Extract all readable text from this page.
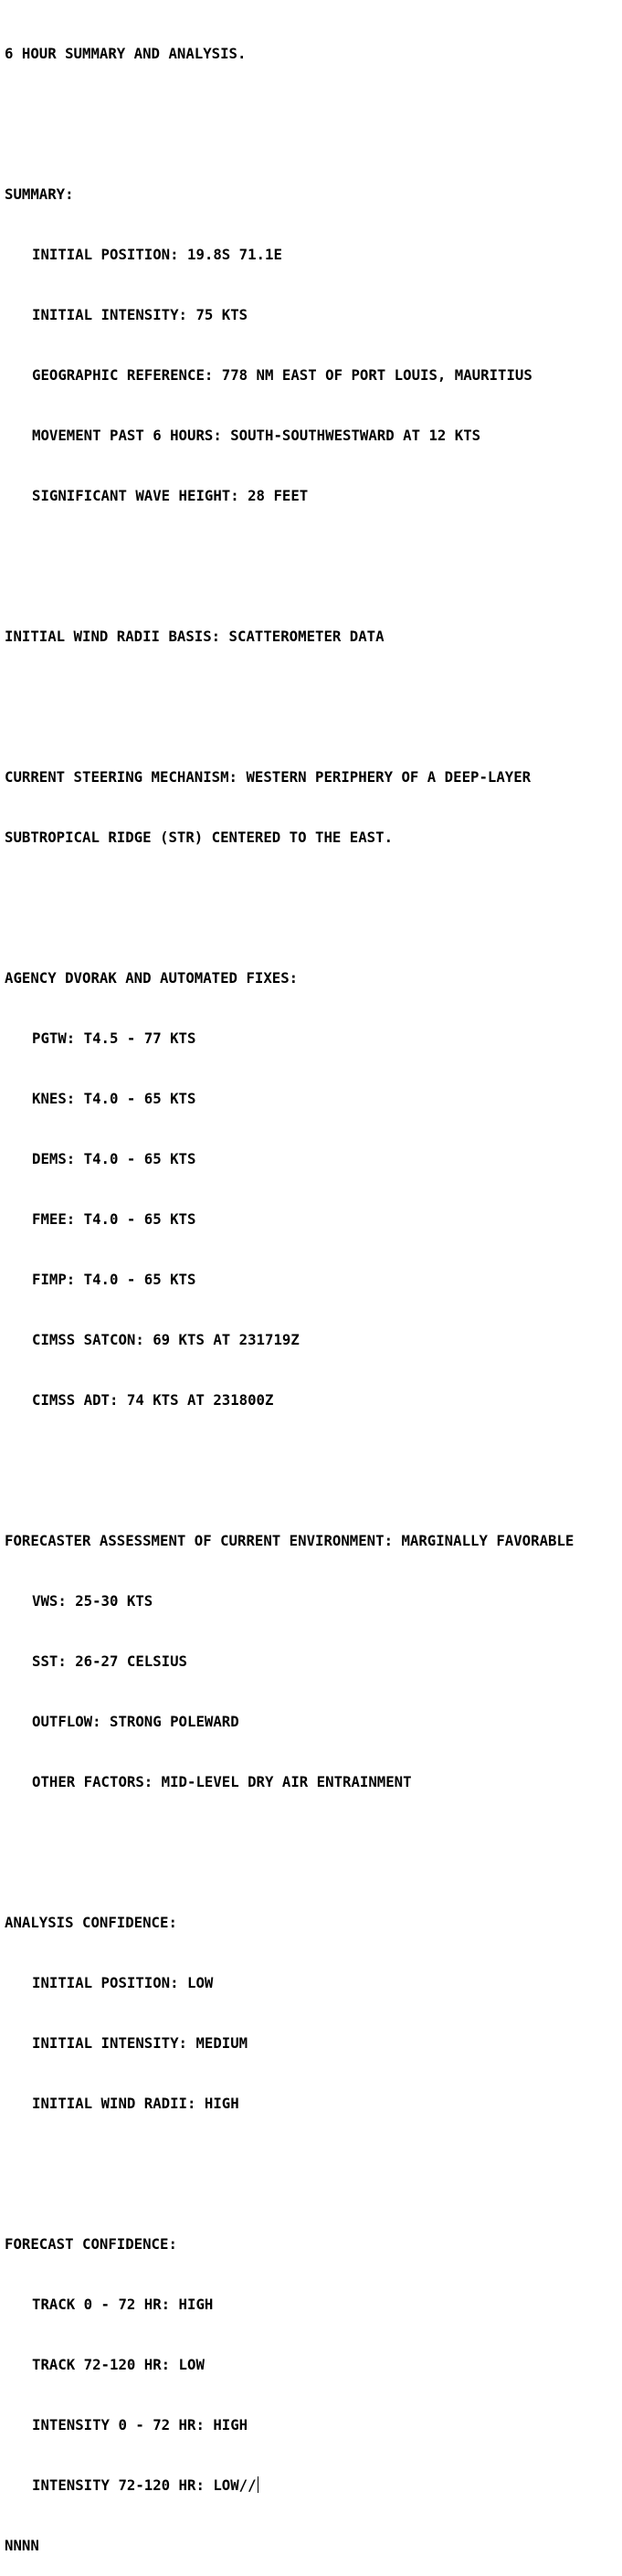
6 HOUR SUMMARY AND ANALYSIS.

SUMMARY:

INITIAL POSITION: 19.8S 71.1E

INITIAL INTENSITY: 75 KTS

GEOGRAPHIC REFERENCE: 778 NM EAST OF PORT LOUIS, MAURITIUS

MOVEMENT PAST 6 HOURS: SOUTH-SOUTHWESTWARD AT 12 KTS

SIGNIFICANT WAVE HEIGHT: 28 FEET

INITIAL WIND RADII BASIS: SCATTEROMETER DATA

CURRENT STEERING MECHANISM: WESTERN PERIPHERY OF A DEEP-LAYER

SUBTROPICAL RIDGE (STR) CENTERED TO THE EAST.

AGENCY DVORAK AND AUTOMATED FIXES:

PGTW: T4.5 - 77 KTS

KNES: T4.0 - 65 KTS

DEMS: T4.0 - 65 KTS

FMEE: T4.0 - 65 KTS

FIMP: T4.0 - 65 KTS

CIMSS SATCON: 69 KTS AT 231719Z

CIMSS ADT: 74 KTS AT 231800Z

FORECASTER ASSESSMENT OF CURRENT ENVIRONMENT: MARGINALLY FAVORABLE

VWS: 25-30 KTS

SST: 26-27 CELSIUS

OUTFLOW: STRONG POLEWARD

OTHER FACTORS: MID-LEVEL DRY AIR ENTRAINMENT

ANALYSIS CONFIDENCE:

INITIAL POSITION: LOW

INITIAL INTENSITY: MEDIUM

INITIAL WIND RADII: HIGH

FORECAST CONFIDENCE:

TRACK 0 - 72 HR: HIGH

TRACK 72-120 HR: LOW

INTENSITY 0 - 72 HR: HIGH

INTENSITY 72-120 HR: LOW//

NNNN
